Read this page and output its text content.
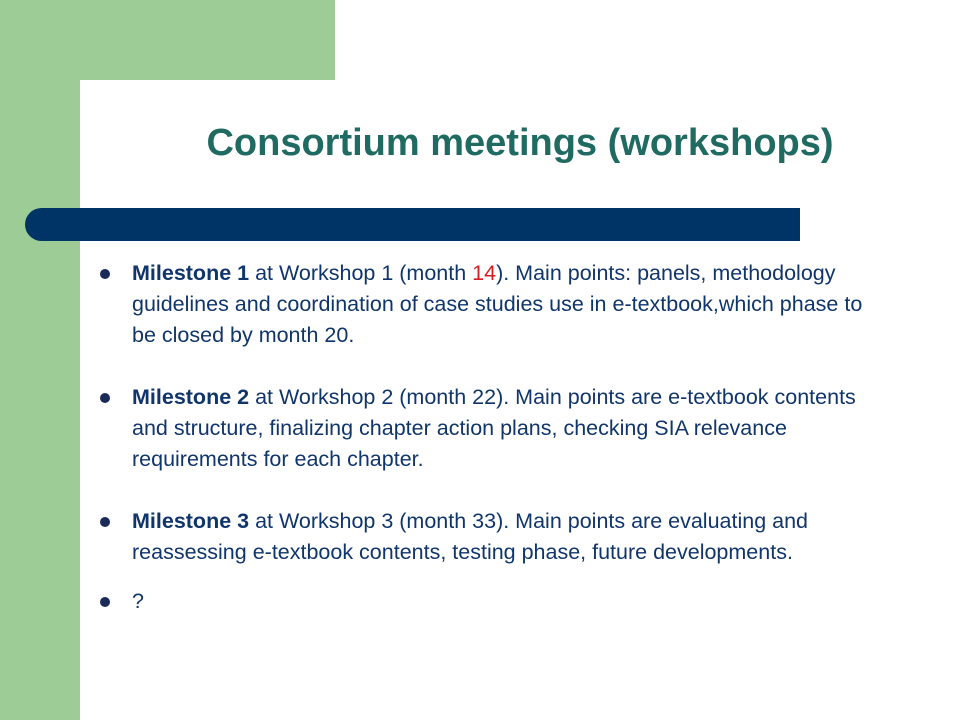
Consortium meetings (workshops)
Milestone 1 at Workshop 1 (month 14). Main points: panels, methodology guidelines and coordination of case studies use in e-textbook,which phase to be closed by month 20.
Milestone 2 at Workshop 2 (month 22). Main points are e-textbook contents and structure, finalizing chapter action plans, checking SIA relevance requirements for each chapter.
Milestone 3 at Workshop 3 (month 33). Main points are evaluating and reassessing e-textbook contents, testing phase, future developments.
?
